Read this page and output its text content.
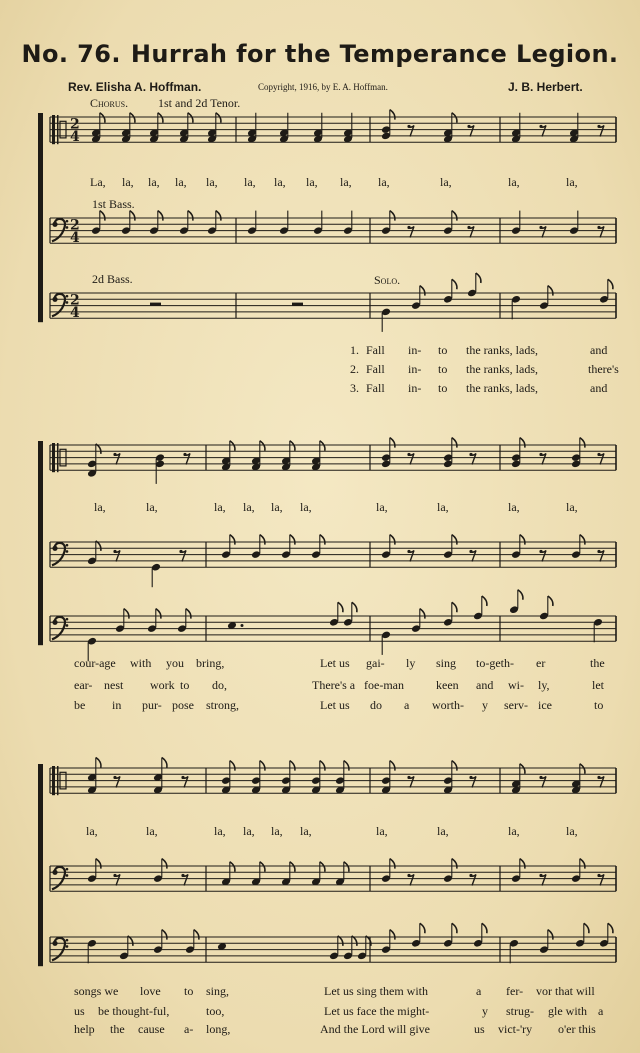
No. 76. Hurrah for the Temperance Legion.
Rev. Elisha A. Hoffman.	Copyright, 1916, by E. A. Hoffman.	J. B. Herbert.
Chorus. 1st and 2d Tenor.
1st Bass.
2d Bass.	Solo.
La, la, la, la, la, la, la, la, la, la,	la,	la,	la,
1. Fall in- to the ranks, lads,	and
2. Fall in- to the ranks, lads,	there's
3. Fall in- to the ranks, lads,	and
la,	la,	la, la, la, la,	la,	la,	la,	la,
cour-age with you bring,	Let us gai- ly sing to-geth- er	the
ear- nest work to do,	There's a foe-man	keen and wi- ly,	let
be in pur- pose strong,	Let us do a worth- y serv- ice	to
la,	la,	la, la, la, la,	la,	la,	la,	la,
songs we love to sing,	Let us sing them with	a fer- vor that will
us be thought-ful,	too,	Let us face the might-	y strug- gle with a
help the cause a- long,	And the Lord will give	us vict-'ry o'er this
2
4
2
4
2
4
